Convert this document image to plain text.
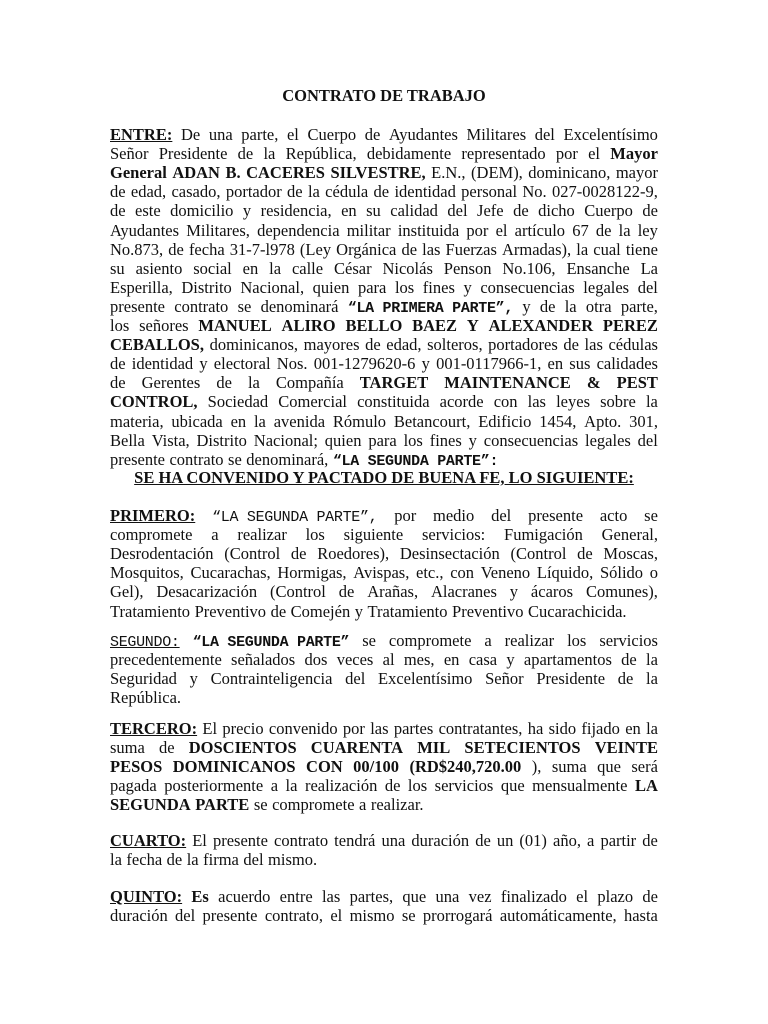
CONTRATO DE TRABAJO
ENTRE: De una parte, el Cuerpo de Ayudantes Militares del Excelentísimo
Señor Presidente de la República, debidamente representado por el Mayor
General ADAN B. CACERES SILVESTRE, E.N., (DEM), dominicano, mayor
de edad, casado, portador de la cédula de identidad personal No. 027-0028122-9,
de este domicilio y residencia, en su calidad del Jefe de dicho Cuerpo de
Ayudantes Militares, dependencia militar instituida por el artículo 67 de la ley
No.873, de fecha 31-7-l978 (Ley Orgánica de las Fuerzas Armadas), la cual tiene
su asiento social en la calle César Nicolás Penson No.106, Ensanche La
Esperilla, Distrito Nacional, quien para los fines y consecuencias legales del
presente contrato se denominará “LA PRIMERA PARTE”, y de la otra parte,
los señores MANUEL ALIRO BELLO BAEZ Y ALEXANDER PEREZ
CEBALLOS, dominicanos, mayores de edad, solteros, portadores de las cédulas
de identidad y electoral Nos. 001-1279620-6 y 001-0117966-1, en sus calidades
de Gerentes de la Compañía TARGET MAINTENANCE & PEST
CONTROL, Sociedad Comercial constituida acorde con las leyes sobre la
materia, ubicada en la avenida Rómulo Betancourt, Edificio 1454, Apto. 301,
Bella Vista, Distrito Nacional; quien para los fines y consecuencias legales del
presente contrato se denominará, “LA SEGUNDA PARTE”:
SE HA CONVENIDO Y PACTADO DE BUENA FE, LO SIGUIENTE:
PRIMERO: “LA SEGUNDA PARTE”, por medio del presente acto se
compromete a realizar los siguiente servicios: Fumigación General,
Desrodentación (Control de Roedores), Desinsectación (Control de Moscas,
Mosquitos, Cucarachas, Hormigas, Avispas, etc., con Veneno Líquido, Sólido o
Gel), Desacarización (Control de Arañas, Alacranes y ácaros Comunes),
Tratamiento Preventivo de Comején y Tratamiento Preventivo Cucarachicida.
SEGUNDO: “LA SEGUNDA PARTE” se compromete a realizar los servicios
precedentemente señalados dos veces al mes, en casa y apartamentos de la
Seguridad y Contrainteligencia del Excelentísimo Señor Presidente de la
República.
TERCERO: El precio convenido por las partes contratantes, ha sido fijado en la
suma de DOSCIENTOS CUARENTA MIL SETECIENTOS VEINTE
PESOS DOMINICANOS CON 00/100 (RD$240,720.00 ), suma que será
pagada posteriormente a la realización de los servicios que mensualmente LA
SEGUNDA PARTE se compromete a realizar.
CUARTO: El presente contrato tendrá una duración de un (01) año, a partir de
la fecha de la firma del mismo.
QUINTO: Es acuerdo entre las partes, que una vez finalizado el plazo de
duración del presente contrato, el mismo se prorrogará automáticamente, hasta
